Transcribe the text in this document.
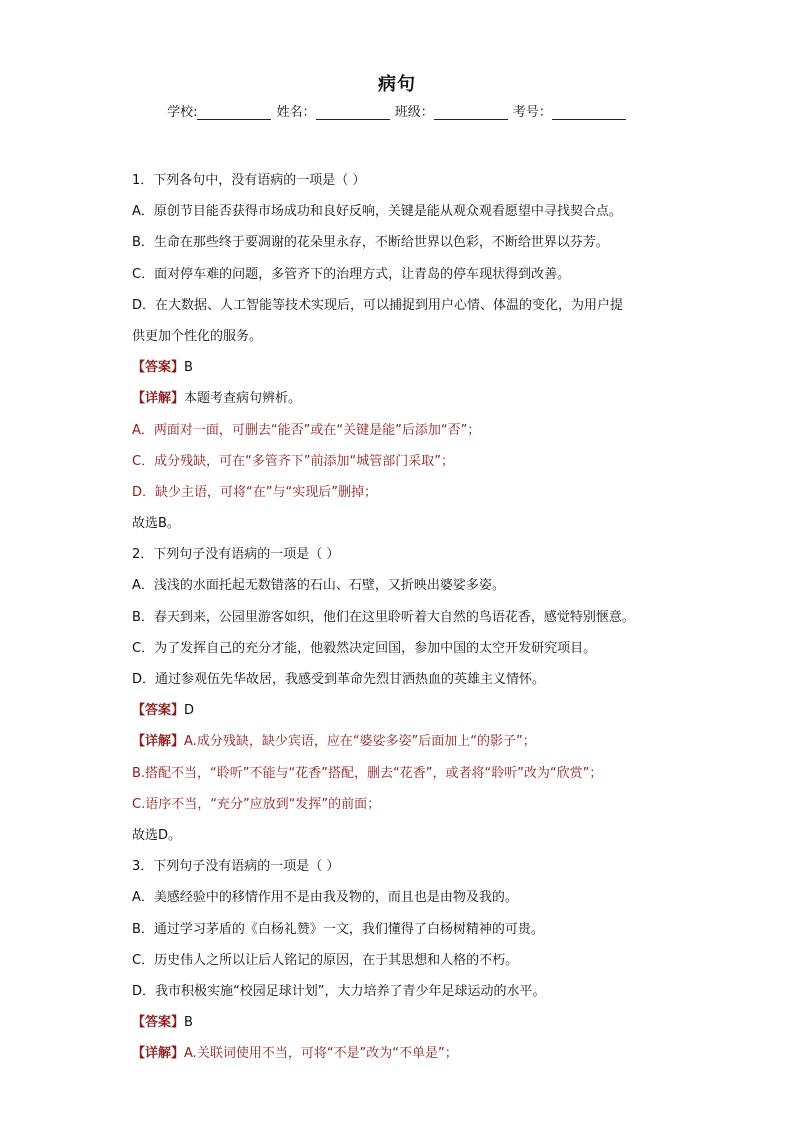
病句
学校:	姓名：	班级：	考号：
1．下列各句中，没有语病的一项是（ ）
A．原创节目能否获得市场成功和良好反响，关键是能从观众观看愿望中寻找契合点。
B．生命在那些终于要凋谢的花朵里永存，不断给世界以色彩，不断给世界以芬芳。
C．面对停车难的问题，多管齐下的治理方式，让青岛的停车现状得到改善。
D．在大数据、人工智能等技术实现后，可以捕捉到用户心情、体温的变化，为用户提
供更加个性化的服务。
【答案】B
【详解】本题考查病句辨析。
A．两面对一面，可删去“能否”或在“关键是能”后添加“否”；
C．成分残缺，可在“多管齐下”前添加“城管部门采取”；
D．缺少主语，可将“在”与“实现后”删掉；
故选B。
2．下列句子没有语病的一项是（ ）
A．浅浅的水面托起无数错落的石山、石壁，又折映出婆娑多姿。
B．春天到来，公园里游客如织，他们在这里聆听着大自然的鸟语花香，感觉特别惬意。
C．为了发挥自己的充分才能，他毅然决定回国，参加中国的太空开发研究项目。
D．通过参观伍先华故居，我感受到革命先烈甘洒热血的英雄主义情怀。
【答案】D
【详解】A.成分残缺，缺少宾语，应在“婆娑多姿”后面加上“的影子”；
B.搭配不当，“聆听”不能与“花香”搭配，删去“花香”，或者将“聆听”改为“欣赏”；
C.语序不当，“充分”应放到“发挥”的前面；
故选D。
3．下列句子没有语病的一项是（ ）
A．美感经验中的移情作用不是由我及物的，而且也是由物及我的。
B．通过学习茅盾的《白杨礼赞》一文，我们懂得了白杨树精神的可贵。
C．历史伟人之所以让后人铭记的原因，在于其思想和人格的不朽。
D．我市积极实施“校园足球计划”，大力培养了青少年足球运动的水平。
【答案】B
【详解】A.关联词使用不当，可将“不是”改为“不单是”；
